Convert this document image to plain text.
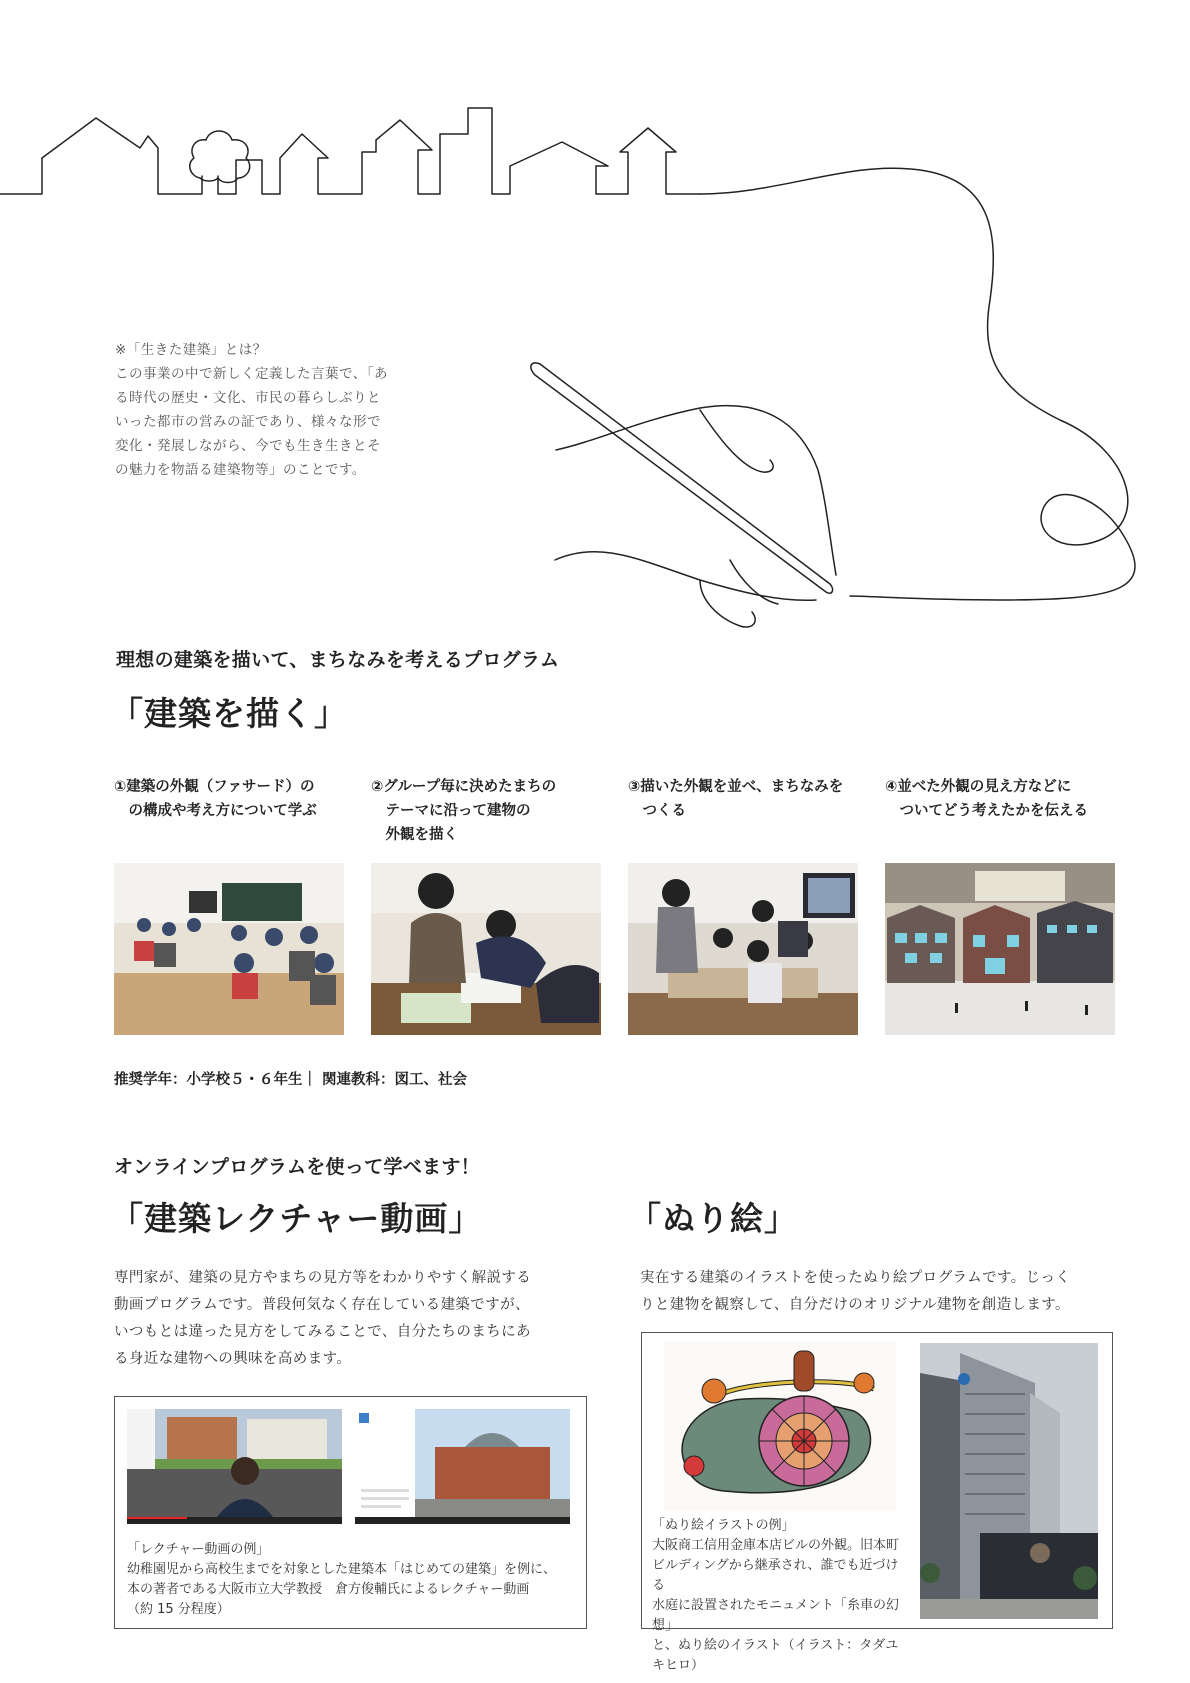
※「生きた建築」とは？
この事業の中で新しく定義した言葉で、「あ
る時代の歴史・文化、市民の暮らしぶりと
いった都市の営みの証であり、様々な形で
変化・発展しながら、今でも生き生きとそ
の魅力を物語る建築物等」のことです。
理想の建築を描いて、まちなみを考えるプログラム
「建築を描く」
①建築の外観（ファサード）の
　の構成や考え方について学ぶ
②グループ毎に決めたまちの
　テーマに沿って建物の
　外観を描く
③描いた外観を並べ、まちなみを
　つくる
④並べた外観の見え方などに
　ついてどう考えたかを伝える
推奨学年：小学校５・６年生｜ 関連教科：図工、社会
オンラインプログラムを使って学べます！
「建築レクチャー動画」
専門家が、建築の見方やまちの見方等をわかりやすく解説する
動画プログラムです。普段何気なく存在している建築ですが、
いつもとは違った見方をしてみることで、自分たちのまちにあ
る身近な建物への興味を高めます。
「レクチャー動画の例」
幼稚園児から高校生までを対象とした建築本「はじめての建築」を例に、
本の著者である大阪市立大学教授　倉方俊輔氏によるレクチャー動画
（約 15 分程度）
「ぬり絵」
実在する建築のイラストを使ったぬり絵プログラムです。じっく
りと建物を観察して、自分だけのオリジナル建物を創造します。
「ぬり絵イラストの例」
大阪商工信用金庫本店ビルの外観。旧本町
ビルディングから継承され、誰でも近づける
水庭に設置されたモニュメント「糸車の幻想」
と、ぬり絵のイラスト（イラスト：タダユキヒロ）
